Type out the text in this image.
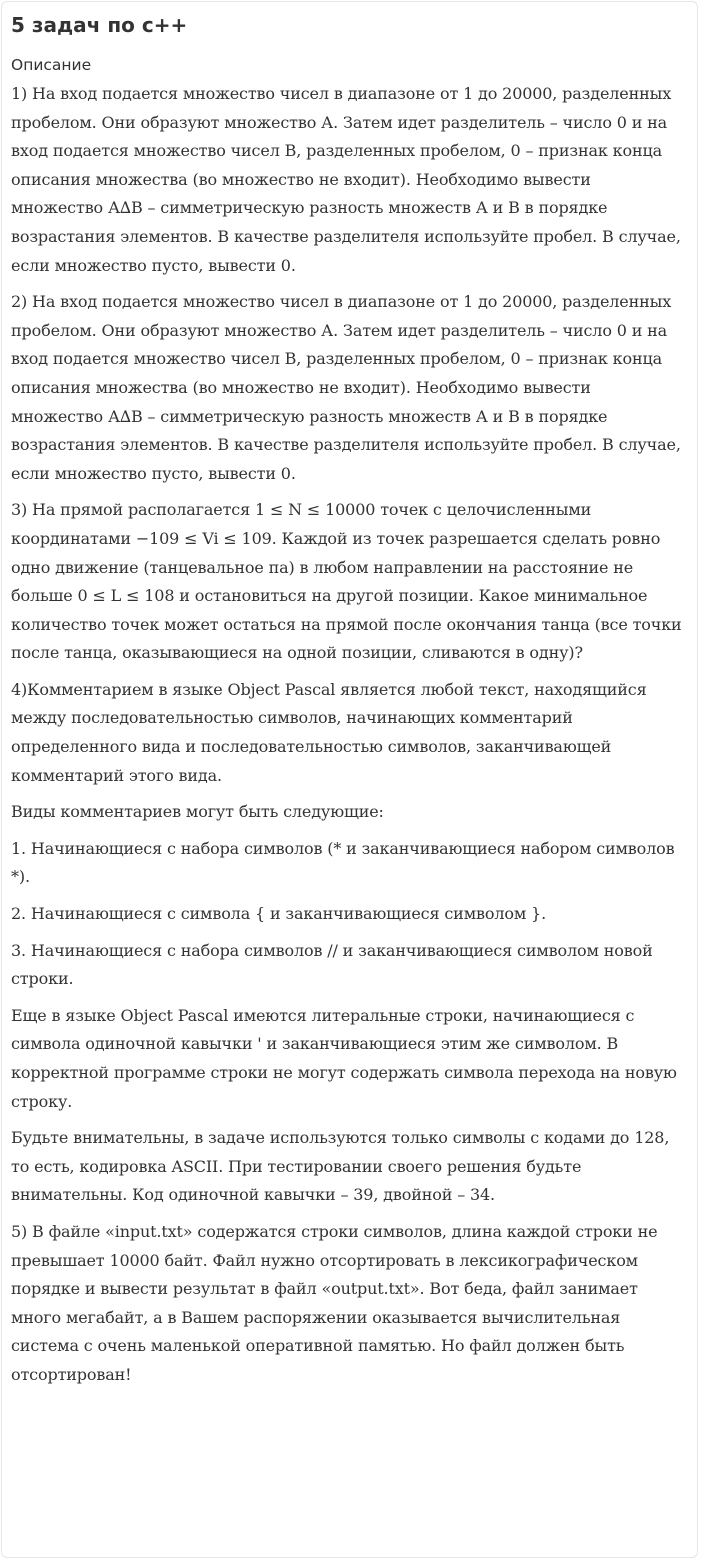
5 задач по с++
Описание
1) На вход подается множество чисел в диапазоне от 1 до 20000, разделенных пробелом. Они образуют множество А. Затем идет разделитель – число 0 и на вход подается множество чисел В, разделенных пробелом, 0 – признак конца описания множества (во множество не входит). Необходимо вывести множество А∆В – симметрическую разность множеств А и В в порядке возрастания элементов. В качестве разделителя используйте пробел. В случае, если множество пусто, вывести 0.
2) На вход подается множество чисел в диапазоне от 1 до 20000, разделенных пробелом. Они образуют множество А. Затем идет разделитель – число 0 и на вход подается множество чисел В, разделенных пробелом, 0 – признак конца описания множества (во множество не входит). Необходимо вывести множество А∆В – симметрическую разность множеств А и В в порядке возрастания элементов. В качестве разделителя используйте пробел. В случае, если множество пусто, вывести 0.
3) На прямой располагается 1 ≤ N ≤ 10000 точек с целочисленными координатами −109 ≤ Vi ≤ 109. Каждой из точек разрешается сделать ровно одно движение (танцевальное па) в любом направлении на расстояние не больше 0 ≤ L ≤ 108 и остановиться на другой позиции. Какое минимальное количество точек может остаться на прямой после окончания танца (все точки после танца, оказывающиеся на одной позиции, сливаются в одну)?
4)Комментарием в языке Object Pascal является любой текст, находящийся между последовательностью символов, начинающих комментарий определенного вида и последовательностью символов, заканчивающей комментарий этого вида.
Виды комментариев могут быть следующие:
1. Начинающиеся с набора символов (* и заканчивающиеся набором символов *).
2. Начинающиеся с символа { и заканчивающиеся символом }.
3. Начинающиеся с набора символов // и заканчивающиеся символом новой строки.
Еще в языке Object Pascal имеются литеральные строки, начинающиеся с символа одиночной кавычки ' и заканчивающиеся этим же символом. В корректной программе строки не могут содержать символа перехода на новую строку.
Будьте внимательны, в задаче используются только символы с кодами до 128, то есть, кодировка ASCII. При тестировании своего решения будьте внимательны. Код одиночной кавычки – 39, двойной – 34.
5) В файле «input.txt» содержатся строки символов, длина каждой строки не превышает 10000 байт. Файл нужно отсортировать в лексикографическом порядке и вывести результат в файл «output.txt». Вот беда, файл занимает много мегабайт, а в Вашем распоряжении оказывается вычислительная система с очень маленькой оперативной памятью. Но файл должен быть отсортирован!
